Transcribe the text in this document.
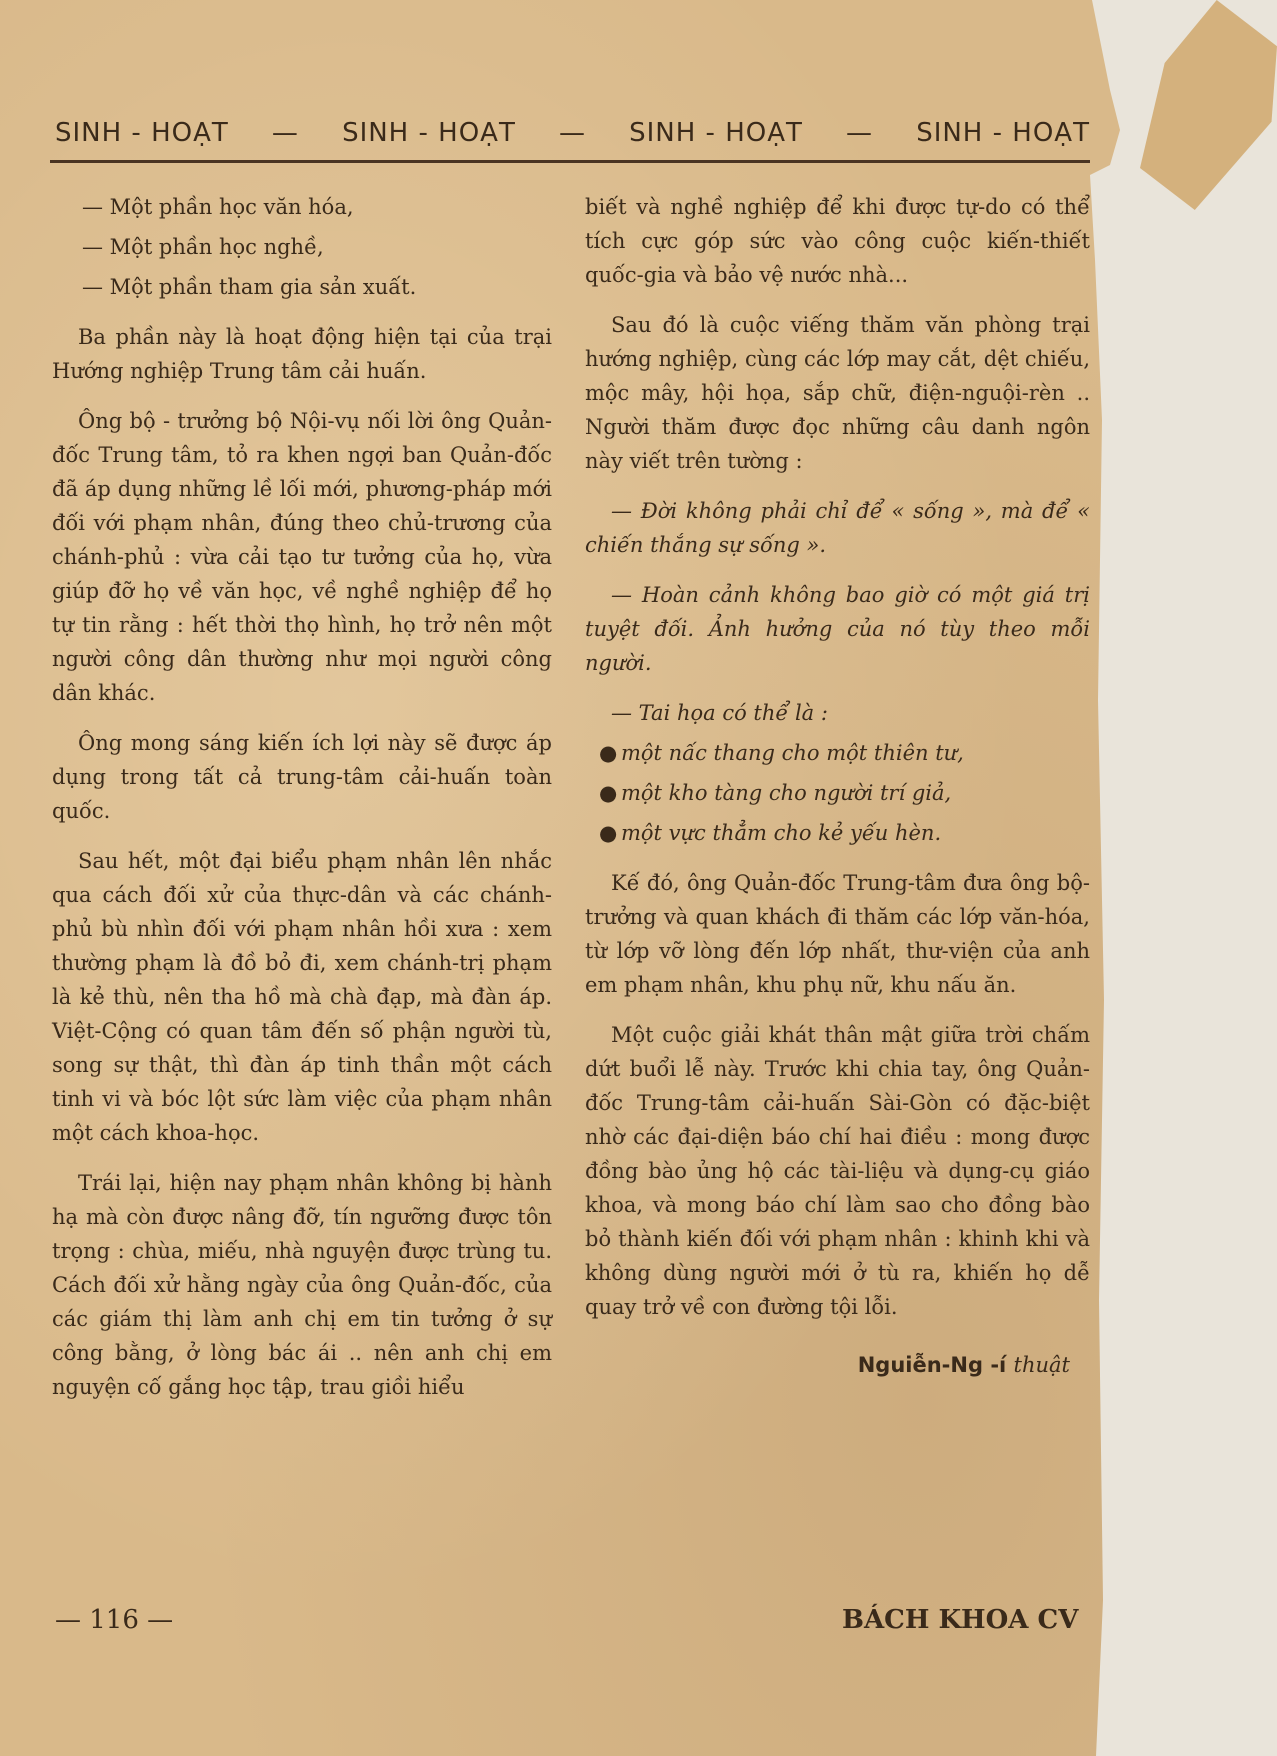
SINH - HOẠT — SINH - HOẠT — SINH - HOẠT — SINH - HOẠT

— Một phần học văn hóa,

— Một phần học nghề,

— Một phần tham gia sản xuất.

Ba phần này là hoạt động hiện tại của trại Hướng nghiệp Trung tâm cải huấn.

Ông bộ - trưởng bộ Nội-vụ nối lời ông Quản-đốc Trung tâm, tỏ ra khen ngợi ban Quản-đốc đã áp dụng những lề lối mới, phương-pháp mới đối với phạm nhân, đúng theo chủ-trương của chánh-phủ : vừa cải tạo tư tưởng của họ, vừa giúp đỡ họ về văn học, về nghề nghiệp để họ tự tin rằng : hết thời thọ hình, họ trở nên một người công dân thường như mọi người công dân khác.

Ông mong sáng kiến ích lợi này sẽ được áp dụng trong tất cả trung-tâm cải-huấn toàn quốc.

Sau hết, một đại biểu phạm nhân lên nhắc qua cách đối xử của thực-dân và các chánh-phủ bù nhìn đối với phạm nhân hồi xưa : xem thường phạm là đồ bỏ đi, xem chánh-trị phạm là kẻ thù, nên tha hồ mà chà đạp, mà đàn áp. Việt-Cộng có quan tâm đến số phận người tù, song sự thật, thì đàn áp tinh thần một cách tinh vi và bóc lột sức làm việc của phạm nhân một cách khoa-học.

Trái lại, hiện nay phạm nhân không bị hành hạ mà còn được nâng đỡ, tín ngưỡng được tôn trọng : chùa, miếu, nhà nguyện được trùng tu. Cách đối xử hằng ngày của ông Quản-đốc, của các giám thị làm anh chị em tin tưởng ở sự công bằng, ở lòng bác ái .. nên anh chị em nguyện cố gắng học tập, trau giồi hiểu

biết và nghề nghiệp để khi được tự-do có thể tích cực góp sức vào công cuộc kiến-thiết quốc-gia và bảo vệ nước nhà...

Sau đó là cuộc viếng thăm văn phòng trại hướng nghiệp, cùng các lớp may cắt, dệt chiếu, mộc mây, hội họa, sắp chữ, điện-nguội-rèn .. Người thăm được đọc những câu danh ngôn này viết trên tường :

— Đời không phải chỉ để « sống », mà để « chiến thắng sự sống ».

— Hoàn cảnh không bao giờ có một giá trị tuyệt đối. Ảnh hưởng của nó tùy theo mỗi người.

— Tai họa có thể là :

● một nấc thang cho một thiên tư,
● một kho tàng cho người trí giả,
● một vực thẳm cho kẻ yếu hèn.

Kế đó, ông Quản-đốc Trung-tâm đưa ông bộ-trưởng và quan khách đi thăm các lớp văn-hóa, từ lớp vỡ lòng đến lớp nhất, thư-viện của anh em phạm nhân, khu phụ nữ, khu nấu ăn.

Một cuộc giải khát thân mật giữa trời chấm dứt buổi lễ này. Trước khi chia tay, ông Quản-đốc Trung-tâm cải-huấn Sài-Gòn có đặc-biệt nhờ các đại-diện báo chí hai điều : mong được đồng bào ủng hộ các tài-liệu và dụng-cụ giáo khoa, và mong báo chí làm sao cho đồng bào bỏ thành kiến đối với phạm nhân : khinh khi và không dùng người mới ở tù ra, khiến họ dễ quay trở về con đường tội lỗi.

Nguiễn-Ng -í thuật
— 116 —	BÁCH KHOA CV
